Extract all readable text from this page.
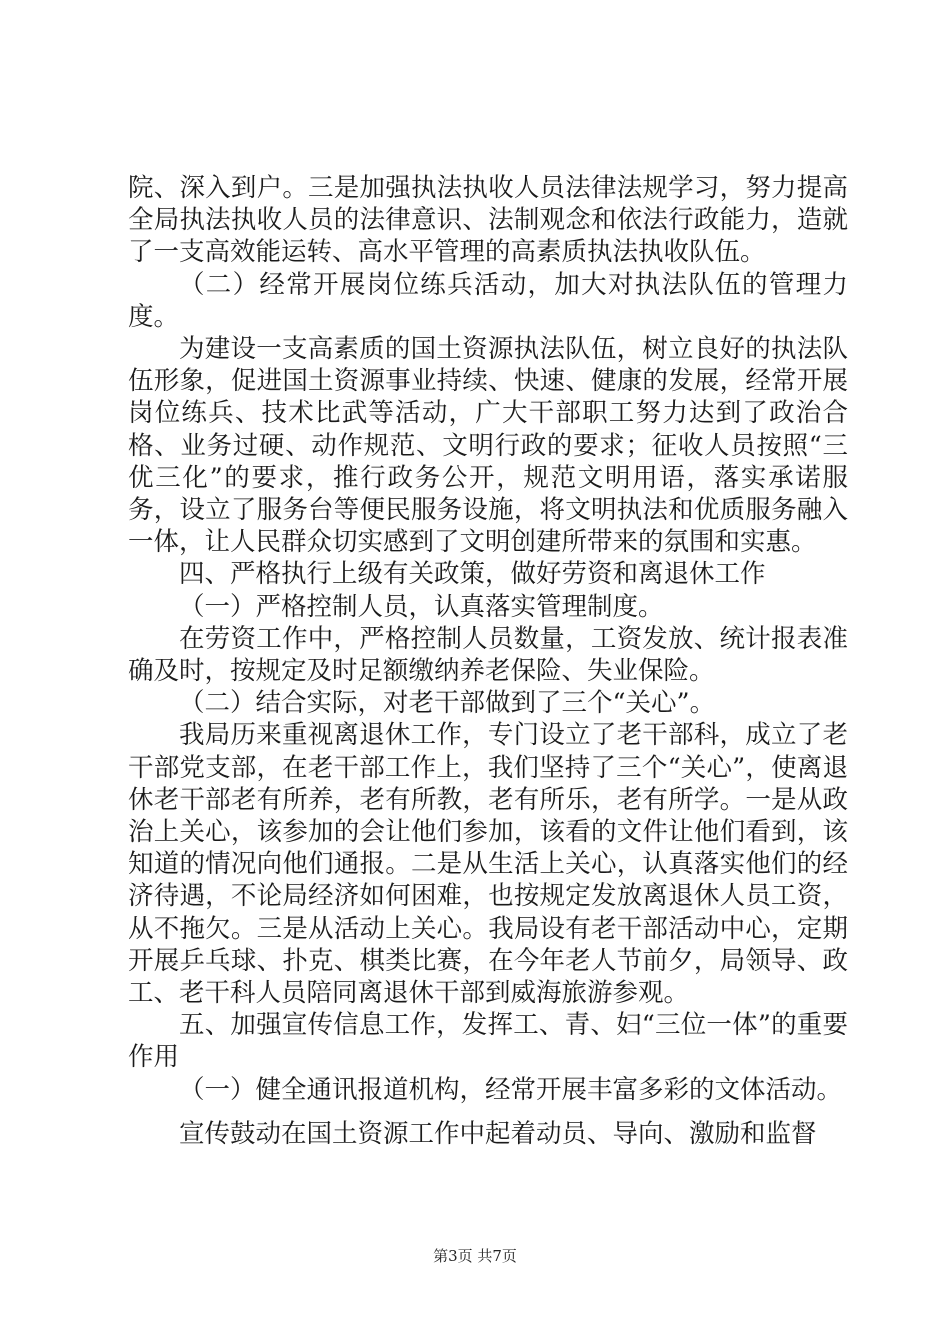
院、深入到户。三是加强执法执收人员法律法规学习，努力提高全局执法执收人员的法律意识、法制观念和依法行政能力，造就了一支高效能运转、高水平管理的高素质执法执收队伍。

（二）经常开展岗位练兵活动，加大对执法队伍的管理力度。

为建设一支高素质的国土资源执法队伍，树立良好的执法队伍形象，促进国土资源事业持续、快速、健康的发展，经常开展岗位练兵、技术比武等活动，广大干部职工努力达到了政治合格、业务过硬、动作规范、文明行政的要求；征收人员按照“三优三化”的要求，推行政务公开，规范文明用语，落实承诺服务，设立了服务台等便民服务设施，将文明执法和优质服务融入一体，让人民群众切实感到了文明创建所带来的氛围和实惠。

四、严格执行上级有关政策，做好劳资和离退休工作

（一）严格控制人员，认真落实管理制度。

在劳资工作中，严格控制人员数量，工资发放、统计报表准确及时，按规定及时足额缴纳养老保险、失业保险。

（二）结合实际，对老干部做到了三个“关心”。

我局历来重视离退休工作，专门设立了老干部科，成立了老干部党支部，在老干部工作上，我们坚持了三个“关心”，使离退休老干部老有所养，老有所教，老有所乐，老有所学。一是从政治上关心，该参加的会让他们参加，该看的文件让他们看到，该知道的情况向他们通报。二是从生活上关心，认真落实他们的经济待遇，不论局经济如何困难，也按规定发放离退休人员工资，从不拖欠。三是从活动上关心。我局设有老干部活动中心，定期开展乒乓球、扑克、棋类比赛，在今年老人节前夕，局领导、政工、老干科人员陪同离退休干部到威海旅游参观。

五、加强宣传信息工作，发挥工、青、妇“三位一体”的重要作用

（一）健全通讯报道机构，经常开展丰富多彩的文体活动。

宣传鼓动在国土资源工作中起着动员、导向、激励和监督

第3页 共7页
